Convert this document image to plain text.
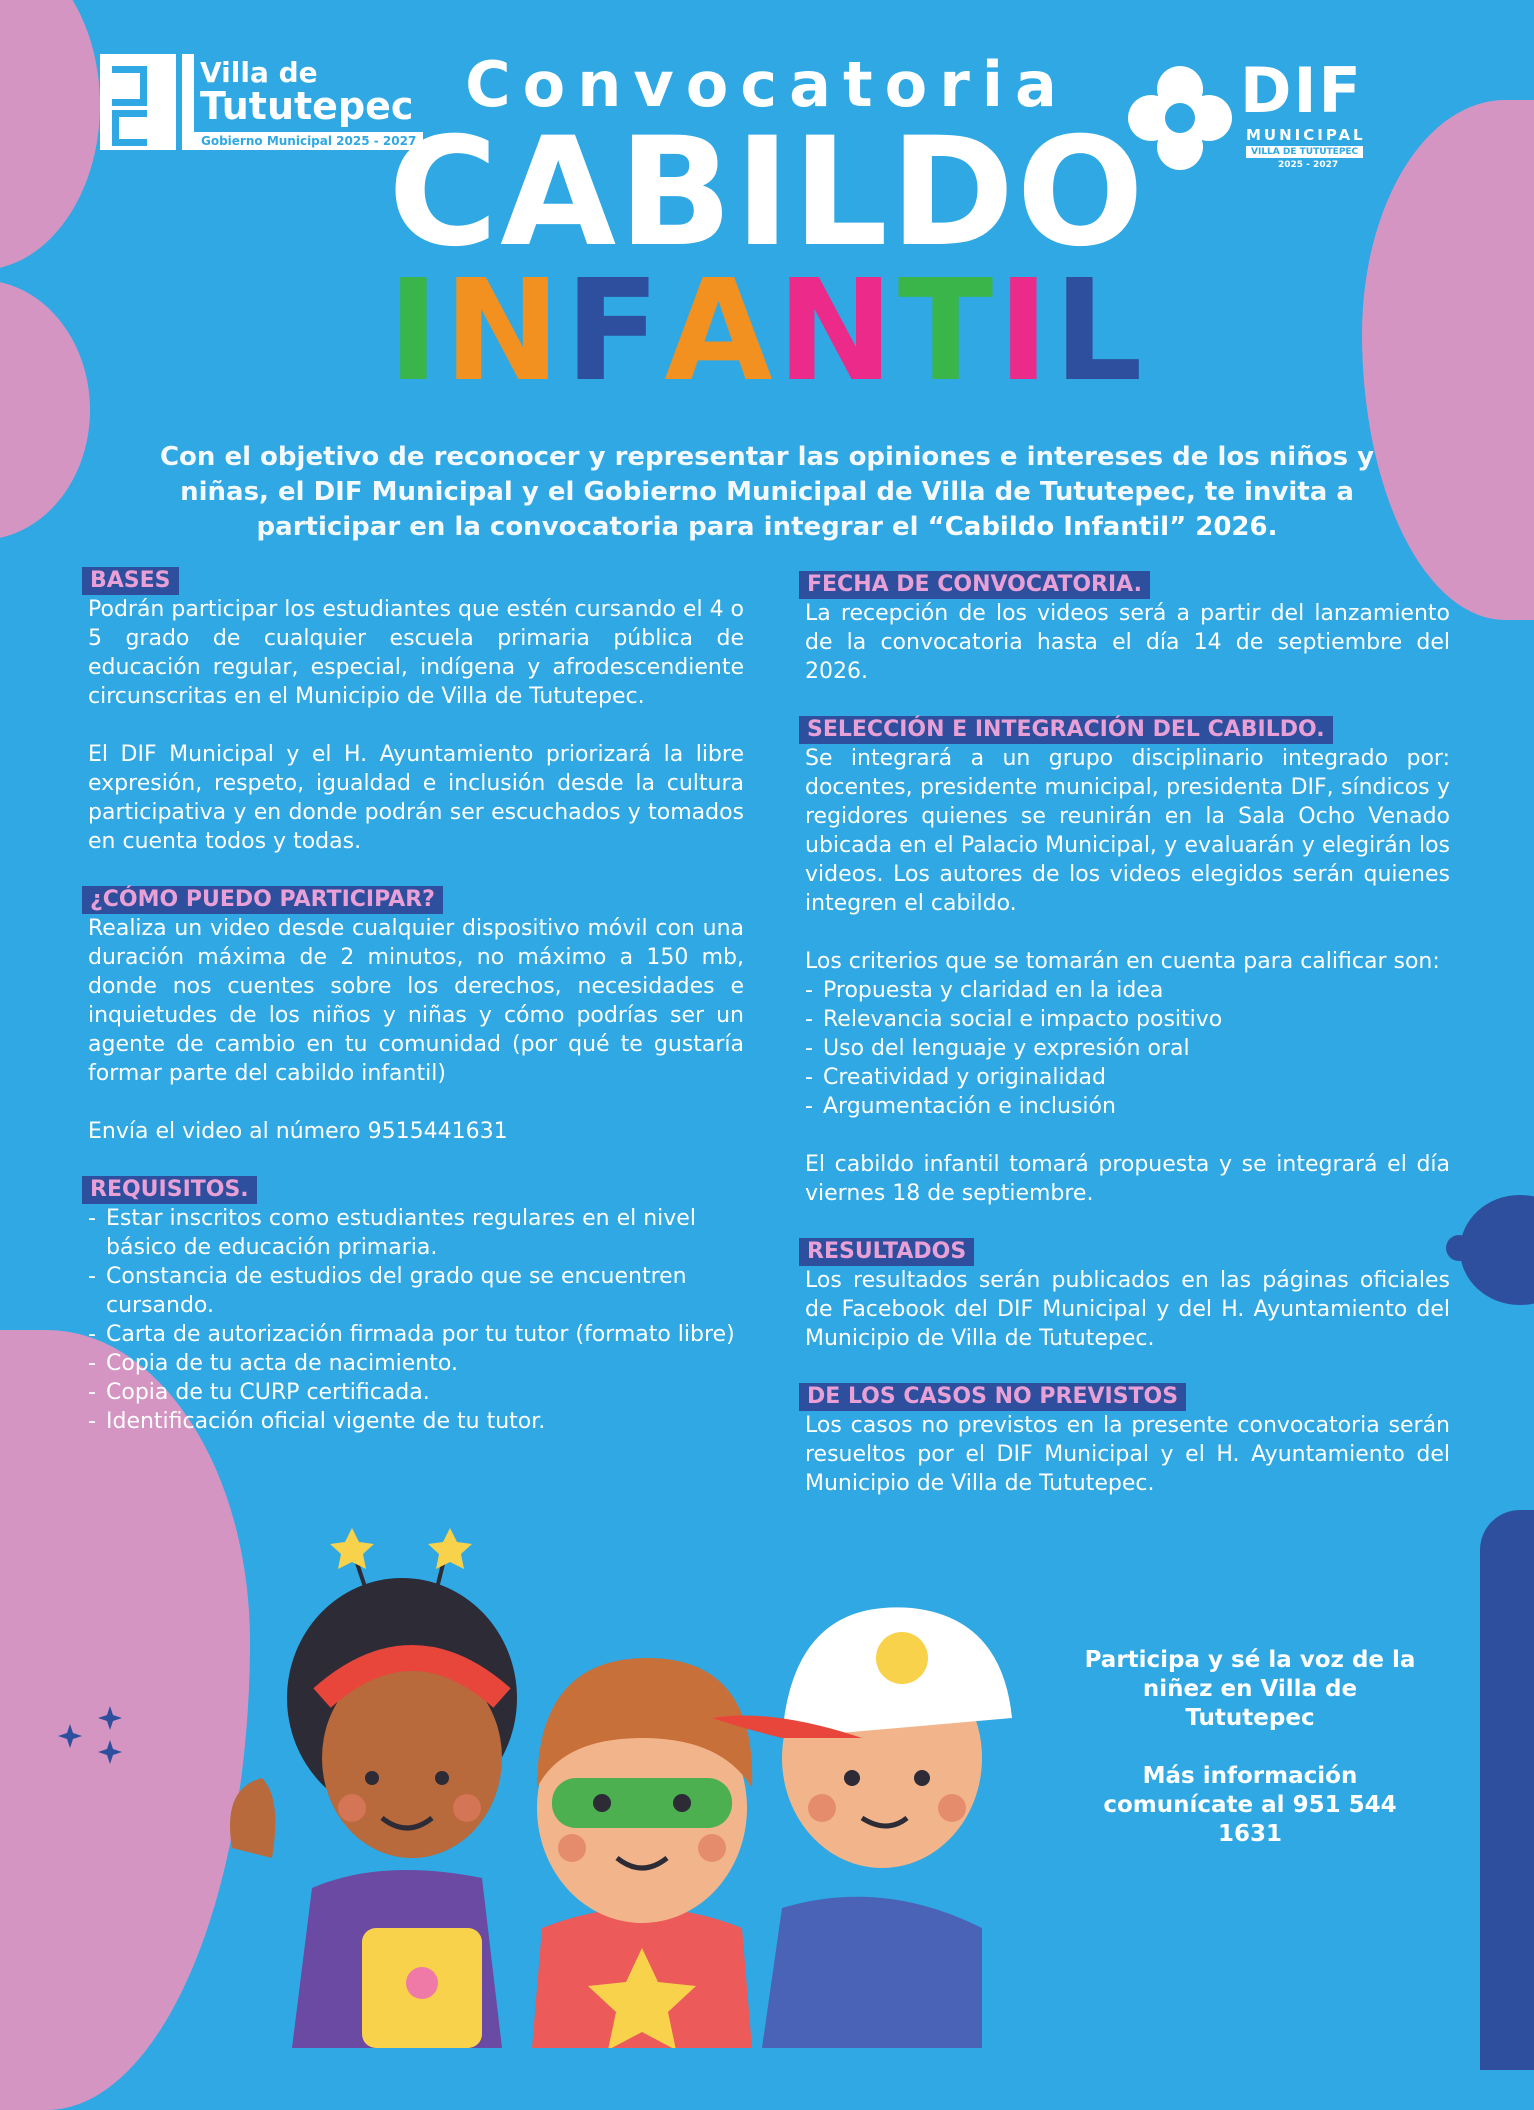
Villa de
Tututepec
Gobierno Municipal 2025 - 2027
DIF
MUNICIPAL
VILLA DE TUTUTEPEC
2025 - 2027
Convocatoria
CABILDO
INFANTIL
Con el objetivo de reconocer y representar las opiniones e intereses de los niños y niñas, el DIF Municipal y el Gobierno Municipal de Villa de Tututepec, te invita a participar en la convocatoria para integrar el “Cabildo Infantil” 2026.
BASES

Podrán participar los estudiantes que estén cursando el 4 o 5 grado de cualquier escuela primaria pública de educación regular, especial, indígena y afrodescendiente circunscritas en el Municipio de Villa de Tututepec.

El DIF Municipal y el H. Ayuntamiento priorizará la libre expresión, respeto, igualdad e inclusión desde la cultura participativa y en donde podrán ser escuchados y tomados en cuenta todos y todas.

¿CÓMO PUEDO PARTICIPAR?

Realiza un video desde cualquier dispositivo móvil con una duración máxima de 2 minutos, no máximo a 150 mb, donde nos cuentes sobre los derechos, necesidades e inquietudes de los niños y niñas y cómo podrías ser un agente de cambio en tu comunidad (por qué te gustaría formar parte del cabildo infantil)

Envía el video al número 9515441631

REQUISITOS.
- Estar inscritos como estudiantes regulares en el nivel básico de educación primaria.
- Constancia de estudios del grado que se encuentren cursando.
- Carta de autorización firmada por tu tutor (formato libre)
- Copia de tu acta de nacimiento.
- Copia de tu CURP certificada.
- Identificación oficial vigente de tu tutor.
FECHA DE CONVOCATORIA.

La recepción de los videos será a partir del lanzamiento de la convocatoria hasta el día 14 de septiembre del 2026.

SELECCIÓN E INTEGRACIÓN DEL CABILDO.

Se integrará a un grupo disciplinario integrado por: docentes, presidente municipal, presidenta DIF, síndicos y regidores quienes se reunirán en la Sala Ocho Venado ubicada en el Palacio Municipal, y evaluarán y elegirán los videos. Los autores de los videos elegidos serán quienes integren el cabildo.

Los criterios que se tomarán en cuenta para calificar son:

- Propuesta y claridad en la idea
- Relevancia social e impacto positivo
- Uso del lenguaje y expresión oral
- Creatividad y originalidad
- Argumentación e inclusión

El cabildo infantil tomará propuesta y se integrará el día viernes 18 de septiembre.

RESULTADOS

Los resultados serán publicados en las páginas oficiales de Facebook del DIF Municipal y del H. Ayuntamiento del Municipio de Villa de Tututepec.

DE LOS CASOS NO PREVISTOS

Los casos no previstos en la presente convocatoria serán resueltos por el DIF Municipal y el H. Ayuntamiento del Municipio de Villa de Tututepec.

Participa y sé la voz de la niñez en Villa de Tututepec
Más información comunícate al 951 544 1631
